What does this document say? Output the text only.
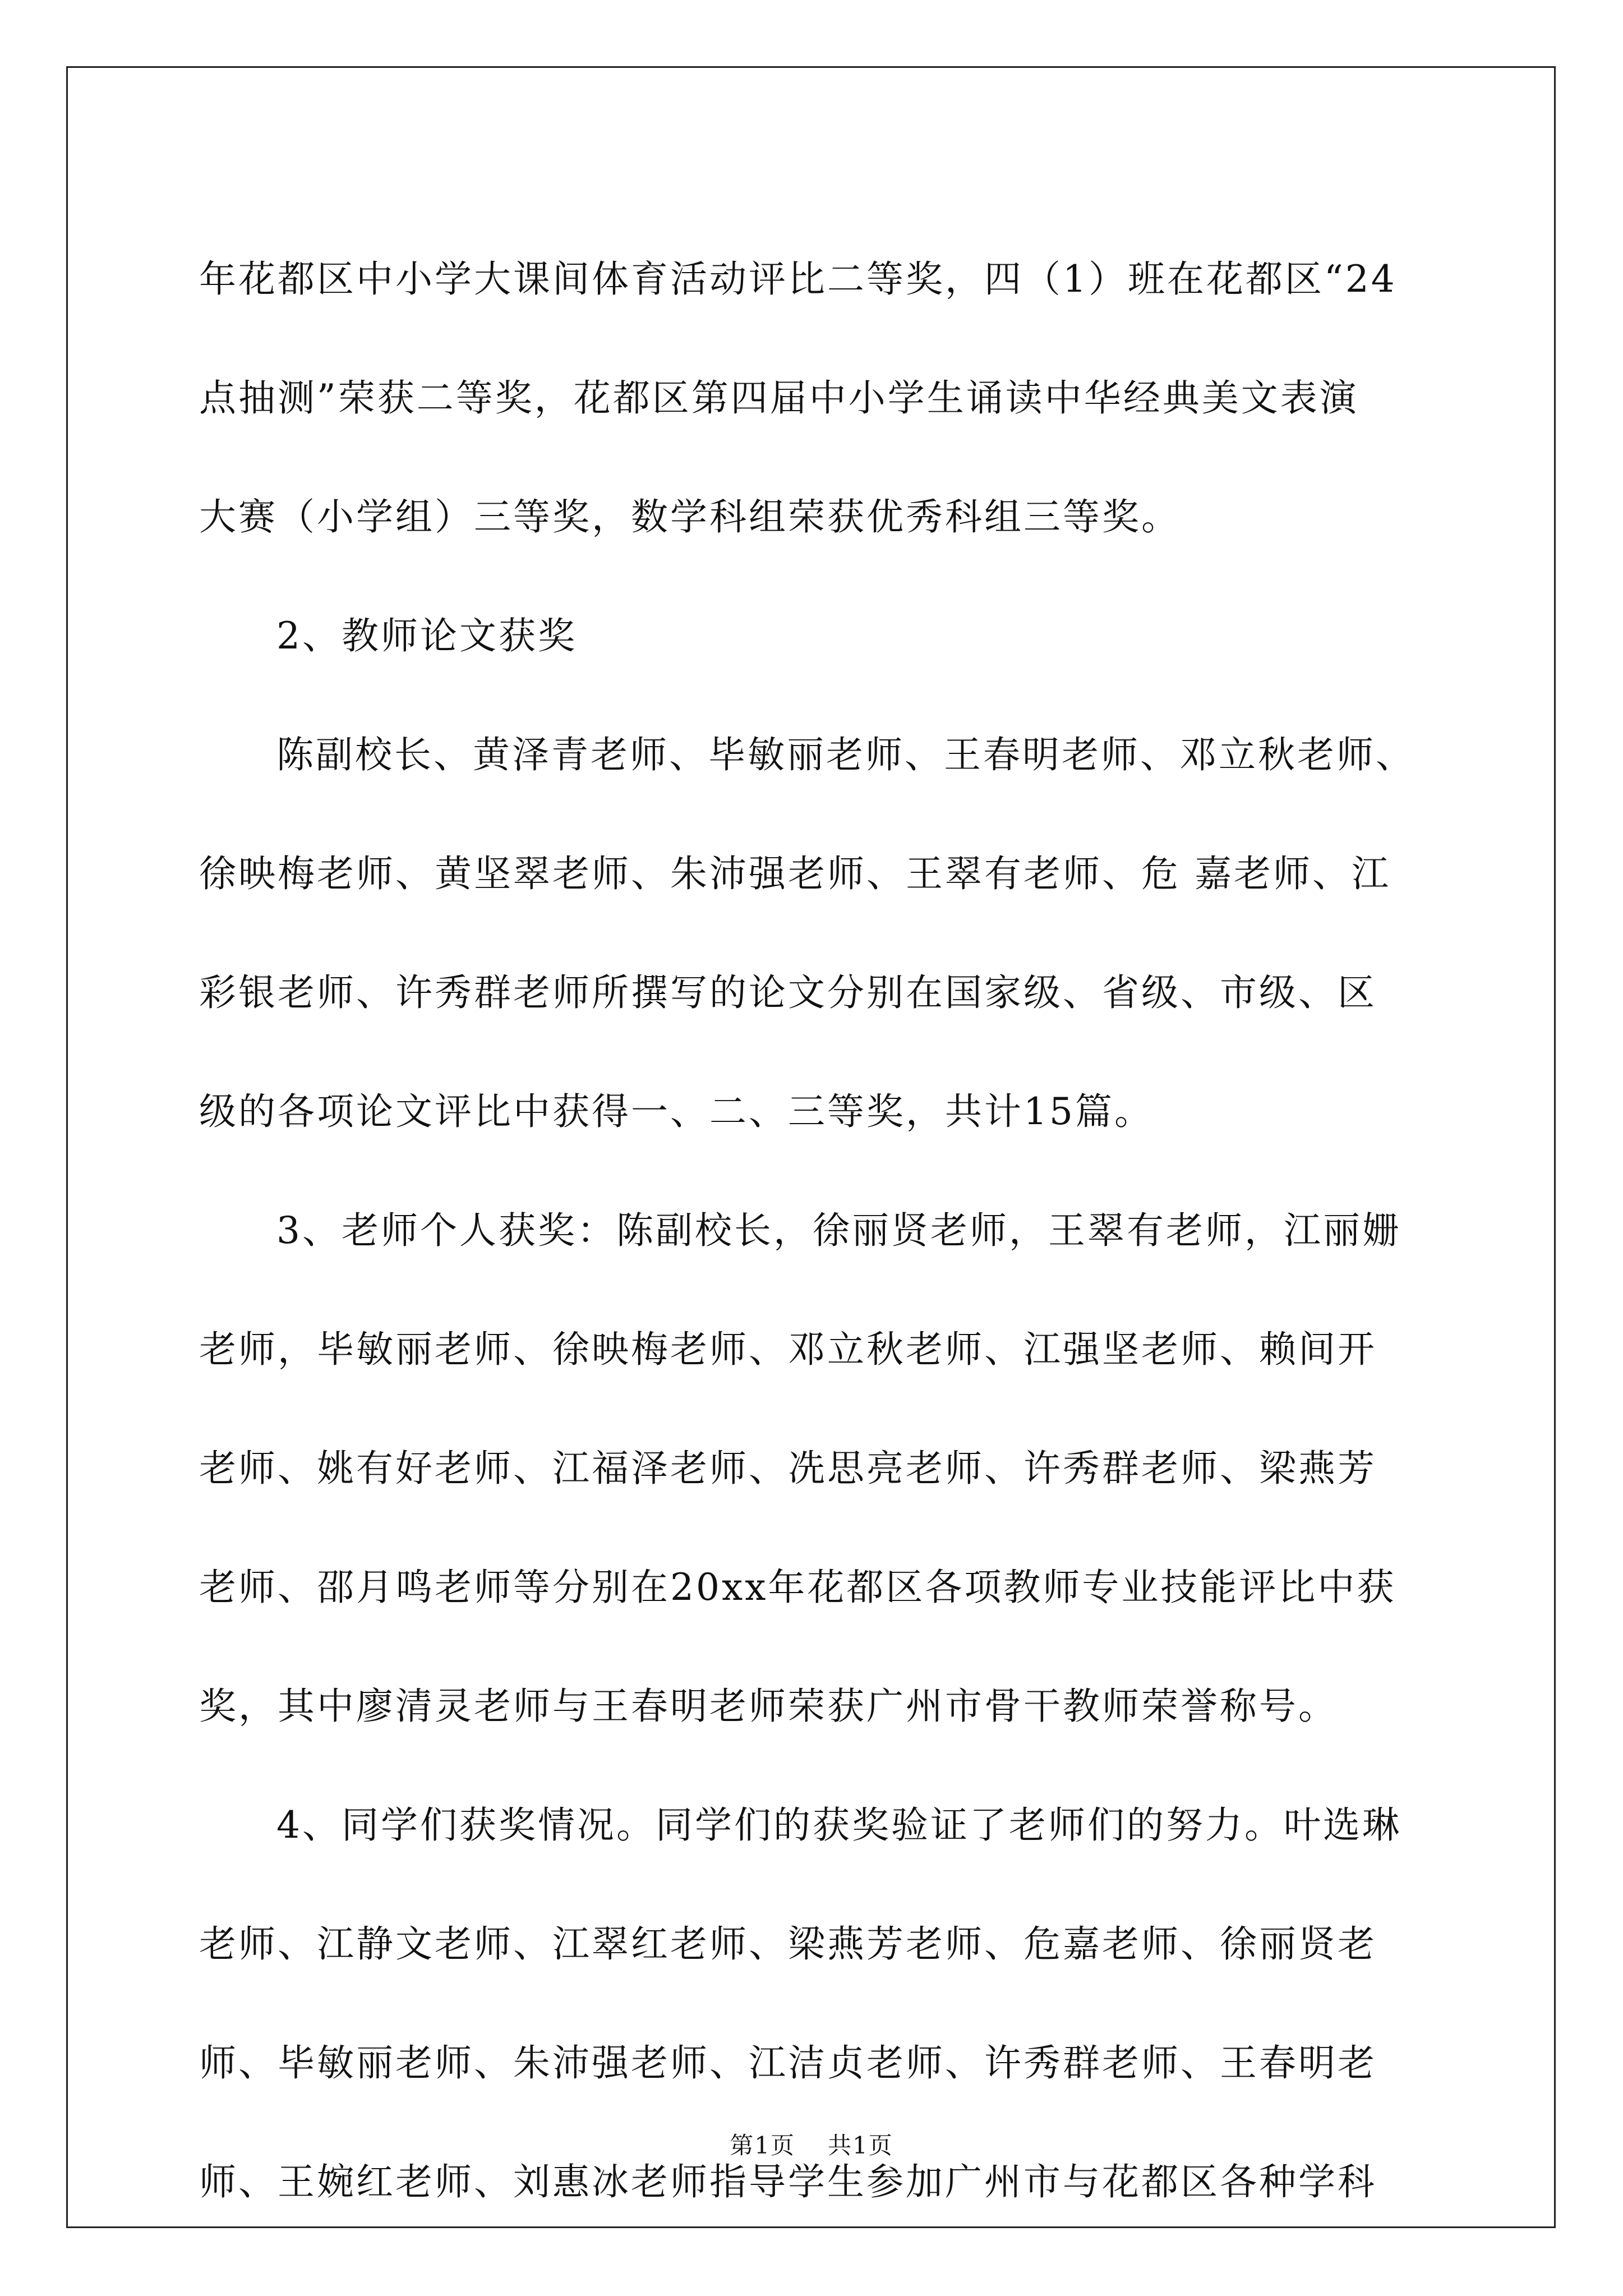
年花都区中小学大课间体育活动评比二等奖，四（1）班在花都区“24
点抽测”荣获二等奖，花都区第四届中小学生诵读中华经典美文表演
大赛（小学组）三等奖，数学科组荣获优秀科组三等奖。
2、教师论文获奖
陈副校长、黄泽青老师、毕敏丽老师、王春明老师、邓立秋老师、
徐映梅老师、黄坚翠老师、朱沛强老师、王翠有老师、危 嘉老师、江
彩银老师、许秀群老师所撰写的论文分别在国家级、省级、市级、区
级的各项论文评比中获得一、二、三等奖，共计15篇。
3、老师个人获奖：陈副校长，徐丽贤老师，王翠有老师，江丽姗
老师，毕敏丽老师、徐映梅老师、邓立秋老师、江强坚老师、赖间开
老师、姚有好老师、江福泽老师、冼思亮老师、许秀群老师、梁燕芳
老师、邵月鸣老师等分别在20xx年花都区各项教师专业技能评比中获
奖，其中廖清灵老师与王春明老师荣获广州市骨干教师荣誉称号。
4、同学们获奖情况。同学们的获奖验证了老师们的努力。叶选琳
老师、江静文老师、江翠红老师、梁燕芳老师、危嘉老师、徐丽贤老
师、毕敏丽老师、朱沛强老师、江洁贞老师、许秀群老师、王春明老
师、王婉红老师、刘惠冰老师指导学生参加广州市与花都区各种学科
第1页 共1页
